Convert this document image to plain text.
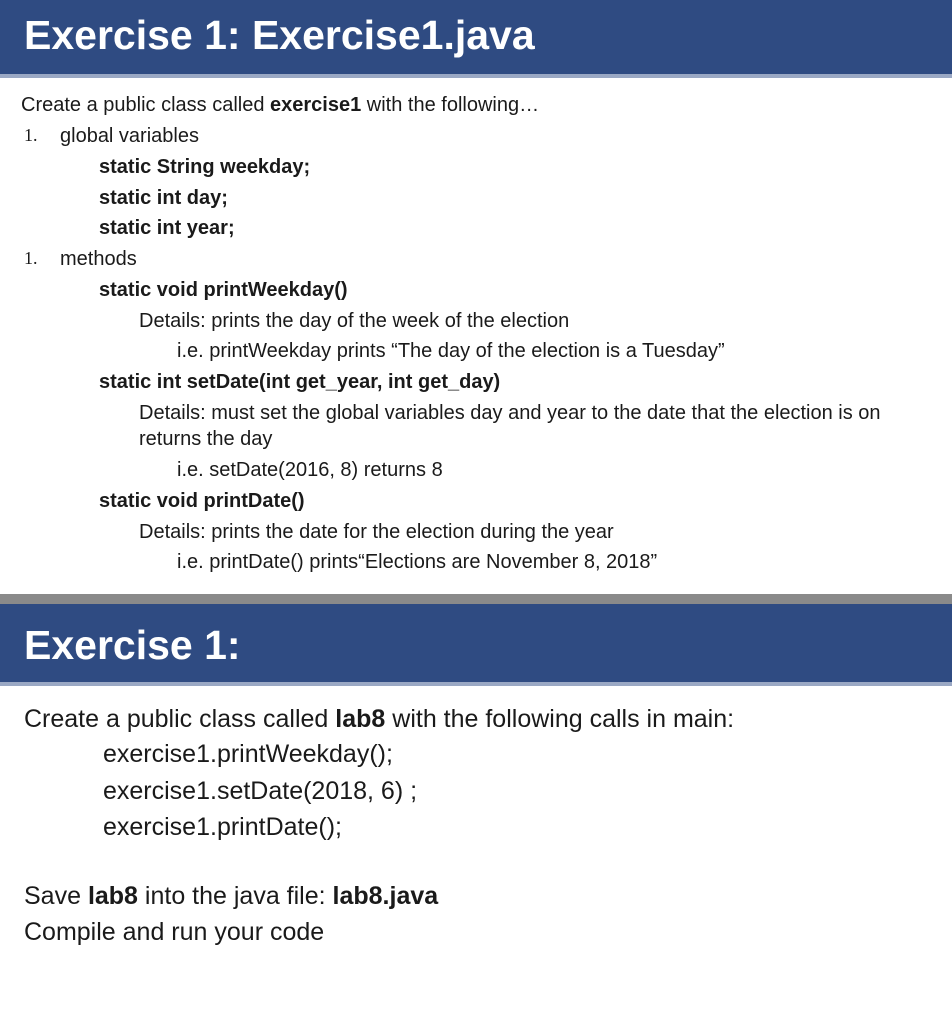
Exercise 1: Exercise1.java
Create a public class called exercise1 with the following…
1. global variables
static String weekday;
static int day;
static int year;
1. methods
static void printWeekday()
Details: prints the day of the week of the election
i.e. printWeekday prints “The day of the election is a Tuesday”
static int setDate(int get_year, int get_day)
Details: must set the global variables day and year to the date that the election is on
returns the day
i.e. setDate(2016, 8) returns 8
static void printDate()
Details: prints the date for the election during the year
i.e. printDate() prints“Elections are November 8, 2018”
Exercise 1:
Create a public class called lab8 with the following calls in main:
exercise1.printWeekday();
exercise1.setDate(2018, 6) ;
exercise1.printDate();
Save lab8 into the java file: lab8.java
Compile and run your code
